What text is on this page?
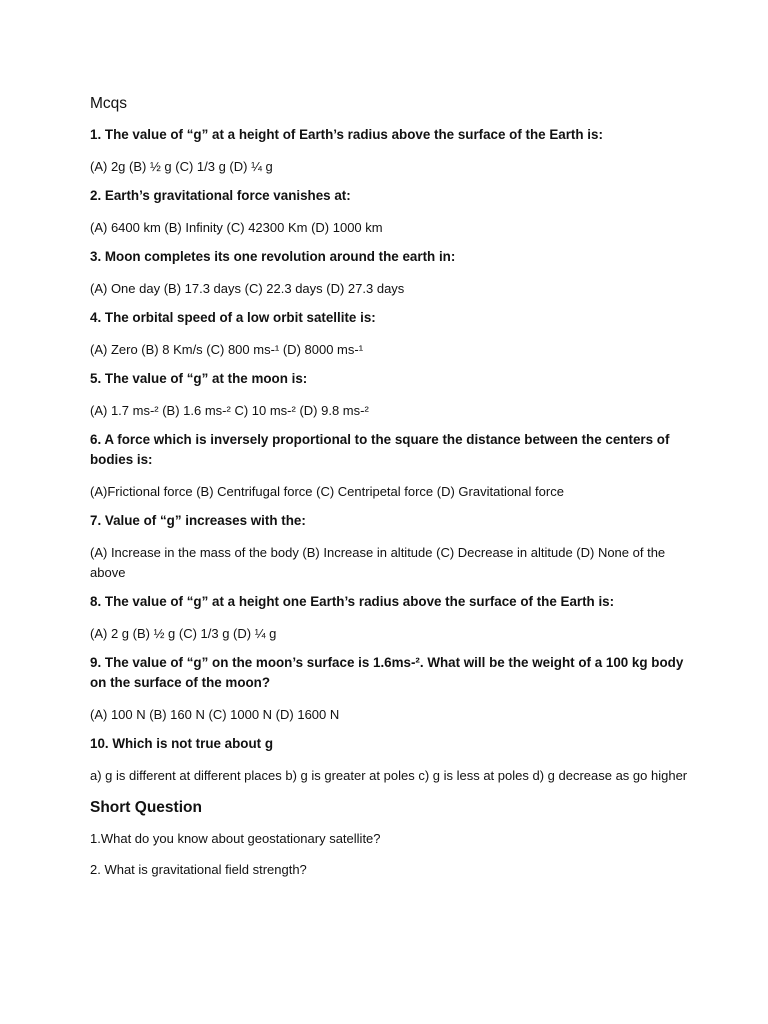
Mcqs
1. The value of “g” at a height of Earth’s radius above the surface of the Earth is:
(A) 2g (B) ½ g (C) 1/3 g (D) ¼ g
2. Earth’s gravitational force vanishes at:
(A) 6400 km (B) Infinity (C) 42300 Km (D) 1000 km
3. Moon completes its one revolution around the earth in:
(A) One day (B) 17.3 days (C) 22.3 days (D) 27.3 days
4. The orbital speed of a low orbit satellite is:
(A) Zero (B) 8 Km/s (C) 800 ms-¹ (D) 8000 ms-¹
5. The value of “g” at the moon is:
(A) 1.7 ms-² (B) 1.6 ms-² C) 10 ms-² (D) 9.8 ms-²
6. A force which is inversely proportional to the square the distance between the centers of bodies is:
(A)Frictional force (B) Centrifugal force (C) Centripetal force (D) Gravitational force
7. Value of “g” increases with the:
(A) Increase in the mass of the body (B) Increase in altitude (C) Decrease in altitude (D) None of the above
8. The value of “g” at a height one Earth’s radius above the surface of the Earth is:
(A) 2 g (B) ½ g (C) 1/3 g (D) ¼ g
9. The value of “g” on the moon’s surface is 1.6ms-². What will be the weight of a 100 kg body on the surface of the moon?
(A) 100 N (B) 160 N (C) 1000 N (D) 1600 N
10. Which is not true about g
a) g is different at different places b) g is greater at poles c) g is less at poles d) g decrease as go higher
Short Question
1.What do you know about geostationary satellite?
2. What is gravitational field strength?
